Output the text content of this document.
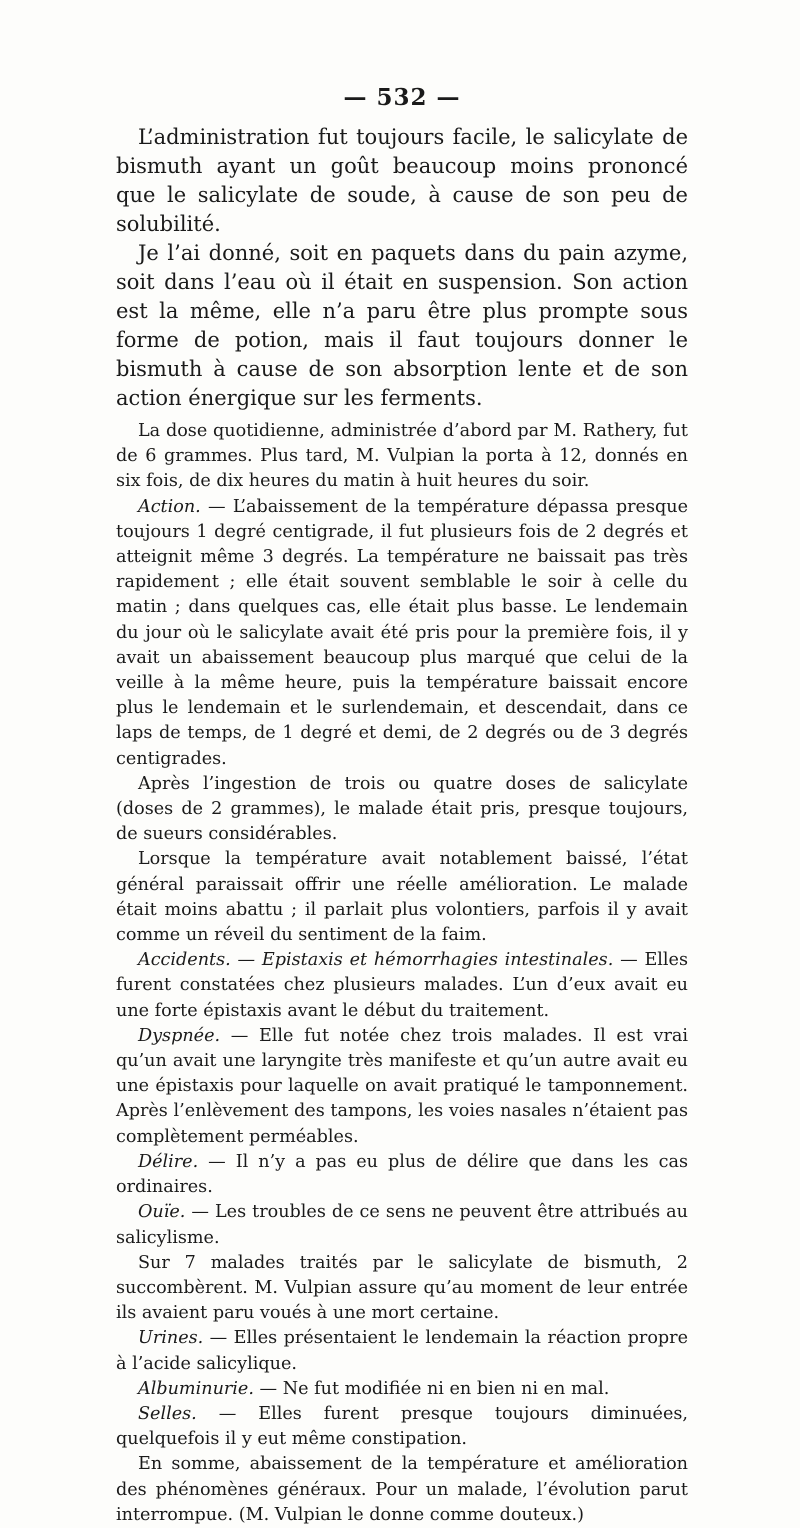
— 532 —

L’administration fut toujours facile, le salicylate de bismuth ayant un goût beaucoup moins prononcé que le salicylate de soude, à cause de son peu de solubilité.

Je l’ai donné, soit en paquets dans du pain azyme, soit dans l’eau où il était en suspension. Son action est la même, elle n’a paru être plus prompte sous forme de potion, mais il faut toujours donner le bismuth à cause de son absorption lente et de son action énergique sur les ferments.

La dose quotidienne, administrée d’abord par M. Rathery, fut de 6 grammes. Plus tard, M. Vulpian la porta à 12, donnés en six fois, de dix heures du matin à huit heures du soir.

Action. — L’abaissement de la température dépassa presque toujours 1 degré centigrade, il fut plusieurs fois de 2 degrés et atteignit même 3 degrés. La température ne baissait pas très rapidement ; elle était souvent semblable le soir à celle du matin ; dans quelques cas, elle était plus basse. Le lendemain du jour où le salicylate avait été pris pour la première fois, il y avait un abaissement beaucoup plus marqué que celui de la veille à la même heure, puis la température baissait encore plus le lendemain et le surlendemain, et descendait, dans ce laps de temps, de 1 degré et demi, de 2 degrés ou de 3 degrés centigrades.

Après l’ingestion de trois ou quatre doses de salicylate (doses de 2 grammes), le malade était pris, presque toujours, de sueurs considérables.

Lorsque la température avait notablement baissé, l’état général paraissait offrir une réelle amélioration. Le malade était moins abattu ; il parlait plus volontiers, parfois il y avait comme un réveil du sentiment de la faim.

Accidents. — Epistaxis et hémorrhagies intestinales. — Elles furent constatées chez plusieurs malades. L’un d’eux avait eu une forte épistaxis avant le début du traitement.

Dyspnée. — Elle fut notée chez trois malades. Il est vrai qu’un avait une laryngite très manifeste et qu’un autre avait eu une épistaxis pour laquelle on avait pratiqué le tamponnement. Après l’enlèvement des tampons, les voies nasales n’étaient pas complètement perméables.

Délire. — Il n’y a pas eu plus de délire que dans les cas ordinaires.

Ouïe. — Les troubles de ce sens ne peuvent être attribués au salicylisme.

Sur 7 malades traités par le salicylate de bismuth, 2 succombèrent. M. Vulpian assure qu’au moment de leur entrée ils avaient paru voués à une mort certaine.

Urines. — Elles présentaient le lendemain la réaction propre à l’acide salicylique.

Albuminurie. — Ne fut modifiée ni en bien ni en mal.

Selles. — Elles furent presque toujours diminuées, quelquefois il y eut même constipation.

En somme, abaissement de la température et amélioration des phénomènes généraux. Pour un malade, l’évolution parut interrompue. (M. Vulpian le donne comme douteux.)
